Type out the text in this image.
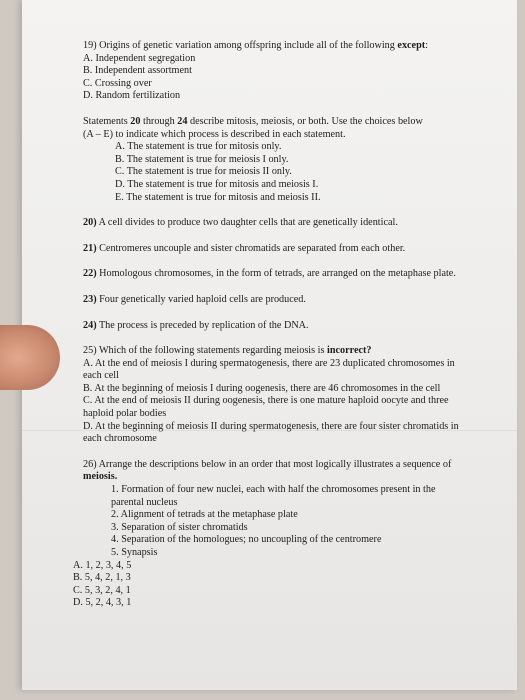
19) Origins of genetic variation among offspring include all of the following except:

A. Independent segregation
B. Independent assortment
C. Crossing over
D. Random fertilization

Statements 20 through 24 describe mitosis, meiosis, or both. Use the choices below

(A – E) to indicate which process is described in each statement.
A. The statement is true for mitosis only.
B. The statement is true for meiosis I only.
C. The statement is true for meiosis II only.
D. The statement is true for mitosis and meiosis I.
E. The statement is true for mitosis and meiosis II.
20) A cell divides to produce two daughter cells that are genetically identical.
21) Centromeres uncouple and sister chromatids are separated from each other.
22) Homologous chromosomes, in the form of tetrads, are arranged on the metaphase plate.
23) Four genetically varied haploid cells are produced.
24) The process is preceded by replication of the DNA.

25) Which of the following statements regarding meiosis is incorrect?

A. At the end of meiosis I during spermatogenesis, there are 23 duplicated chromosomes in each cell
B. At the beginning of meiosis I during oogenesis, there are 46 chromosomes in the cell
C. At the end of meiosis II during oogenesis, there is one mature haploid oocyte and three haploid polar bodies
D. At the beginning of meiosis II during spermatogenesis, there are four sister chromatids in each chromosome

26) Arrange the descriptions below in an order that most logically illustrates a sequence of meiosis.

1. Formation of four new nuclei, each with half the chromosomes present in the parental nucleus
2. Alignment of tetrads at the metaphase plate
3. Separation of sister chromatids
4. Separation of the homologues; no uncoupling of the centromere
5. Synapsis
A. 1, 2, 3, 4, 5
B. 5, 4, 2, 1, 3
C. 5, 3, 2, 4, 1
D. 5, 2, 4, 3, 1
